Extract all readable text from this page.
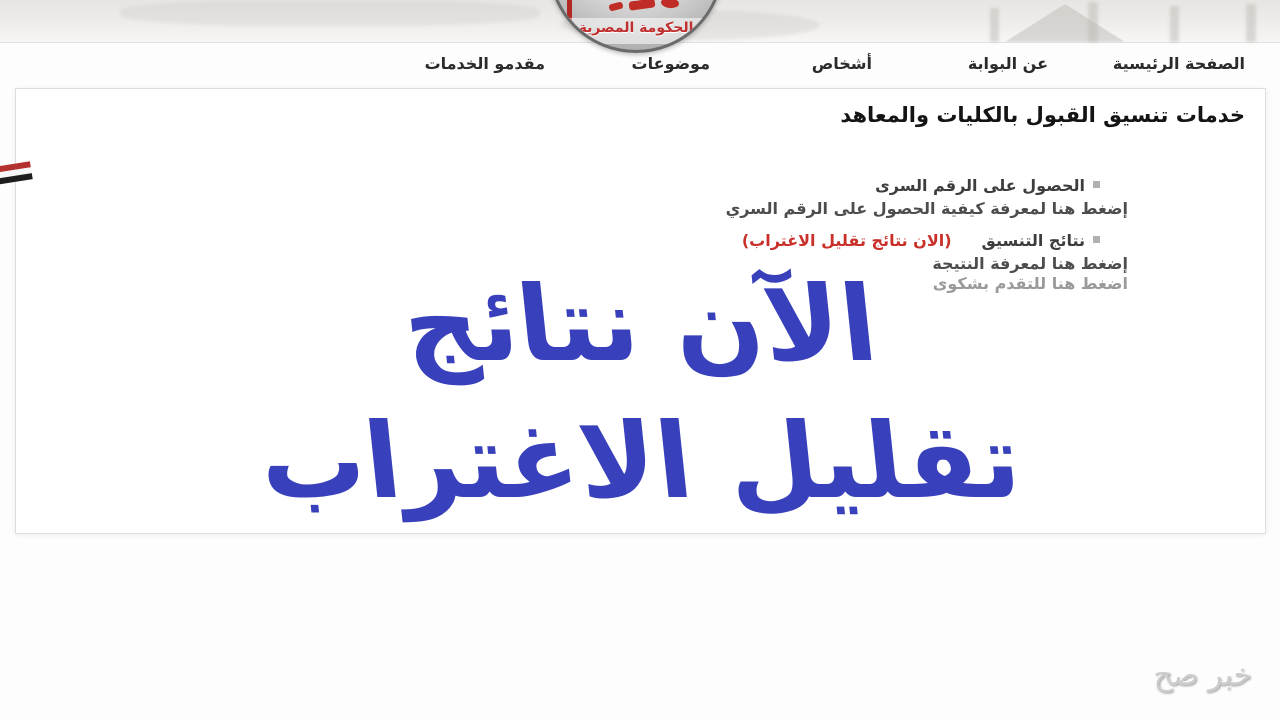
الصفحة الرئيسية
عن البوابة
أشخاص
موضوعات
مقدمو الخدمات
الحكومة المصرية
خدمات تنسيق القبول بالكليات والمعاهد
الحصول على الرقم السرى
إضغط هنا لمعرفة كيفية الحصول على الرقم السري
نتائج التنسيق(الان نتائج تقليل الاغتراب)
إضغط هنا لمعرفة النتيجة
اضغط هنا للتقدم بشكوى
الآن نتائج
تقليل الاغتراب
خبر صح
